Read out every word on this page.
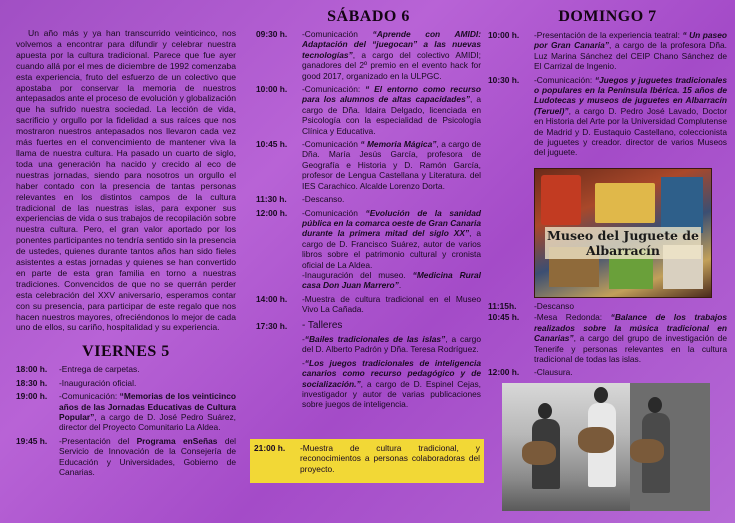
Un año más y ya han transcurrido veinticinco, nos volvemos a encontrar para difundir y celebrar nuestra apuesta por la cultura tradicional. Parece que fue ayer cuando allá por el mes de diciembre de 1992 comenzaba esta experiencia, fruto del esfuerzo de un colectivo que apostaba por conservar la memoria de nuestros antepasados ante el proceso de evolución y globalización que ha sufrido nuestra sociedad. La lección de vida, sacrificio y orgullo por la fidelidad a sus raíces que nos mostraron nuestros antepasados nos llevaron cada vez más fuertes en el convencimiento de mantener viva la llama de nuestra cultura. Ha pasado un cuarto de siglo, toda una generación ha nacido y crecido al eco de nuestras jornadas, siendo para nosotros un orgullo el haber contado con la presencia de tantas personas relevantes en los distintos campos de la cultura tradicional de las nuestras islas, para exponer sus experiencias de vida o sus trabajos de recopilación sobre nuestra cultura. Pero, el gran valor aportado por los ponentes participantes no tendría sentido sin la presencia de ustedes, quienes durante tantos años han sido fieles asistentes a estas jornadas y quienes se han convertido en parte de esta gran familia en torno a nuestras tradiciones. Convencidos de que no se querrán perder esta celebración del XXV aniversario, esperamos contar con su presencia, para participar de este regalo que nos hacen nuestros mayores, ofreciéndonos lo mejor de cada uno de ellos, su cariño, hospitalidad y su experiencia.

VIERNES 5
18:00 h.	-Entrega de carpetas.
18:30 h.	-Inauguración oficial.
19:00 h.	-Comunicación: “Memorias de los veinticinco años de las Jornadas Educativas de Cultura Popular”, a cargo de D. José Pedro Suárez, director del Proyecto Comunitario La Aldea.
19:45 h.	-Presentación del Programa enSeñas del Servicio de Innovación de la Consejería de Educación y Universidades, Gobierno de Canarias.
SÁBADO 6
09:30 h.	-Comunicación “Aprende con AMIDI: Adaptación del “juegocan” a las nuevas tecnologías”, a cargo del colectivo AMIDI; ganadores del 2º premio en el evento hack for good 2017, organizado en la ULPGC.
10:00 h.	-Comunicación: “ El entorno como recurso para los alumnos de altas capacidades”, a cargo de Dña. Idaira Delgado, licenciada en Psicología con la especialidad de Psicología Clínica y Educativa.
10:45 h.	-Comunicación “ Memoria Mágica”, a cargo de Dña. María Jesús García, profesora de Geografía e Historia y D. Ramón García, profesor de Lengua Castellana y Literatura. del IES Carachico. Alcalde Lorenzo Dorta.
11:30 h.	-Descanso.
12:00 h.	-Comunicación “Evolución de la sanidad pública en la comarca oeste de Gran Canaria durante la primera mitad del siglo XX”, a cargo de D. Francisco Suárez, autor de varios libros sobre el patrimonio cultural y cronista oficial de La Aldea.
-Inauguración del museo. “Medicina Rural casa Don Juan Marrero”.
14:00 h.	-Muestra de cultura tradicional en el Museo Vivo La Cañada.
17:30 h.	- Talleres
-“Bailes tradicionales de las islas”, a cargo del D. Alberto Padrón y Dña. Teresa Rodríguez.
-“Los juegos tradicionales de inteligencia canarios como recurso pedagógico y de socialización.”, a cargo de D. Espinel Cejas, investigador y autor de varias publicaciones sobre juegos de inteligencia.
21:00 h.	-Muestra de cultura tradicional, y reconocimientos a personas colaboradoras del proyecto.
DOMINGO 7
10:00 h.	-Presentación de la experiencia teatral: “ Un paseo por Gran Canaria”, a cargo de la profesora Dña. Luz Marina Sánchez del CEIP Chano Sánchez de El Carrizal de Ingenio.
10:30 h.	-Comunicación: “Juegos y juguetes tradicionales o populares en la Península Ibérica. 15 años de Ludotecas y museos de juguetes en Albarracín (Teruel)”, a cargo D. Pedro José Lavado, Doctor en Historia del Arte por la Universidad Complutense de Madrid y D. Eustaquio Castellano, coleccionista de juguetes y creador. director de varios Museos del juguete.
11:15h.	-Descanso
10:45 h.	-Mesa Redonda: “Balance de los trabajos realizados sobre la música tradicional en Canarias”, a cargo del grupo de investigación de Tenerife y personas relevantes en la cultura tradicional de todas las islas.
12:00 h.	-Clausura.
Museo del Juguete de Albarracín
